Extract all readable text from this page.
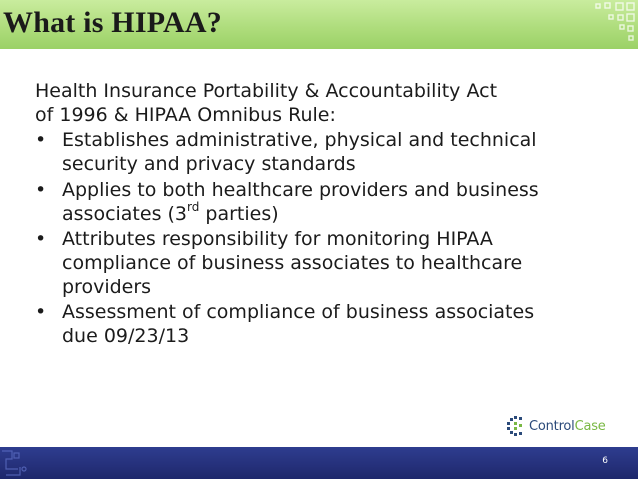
What is HIPAA?
Health Insurance Portability & Accountability Act
of 1996 & HIPAA Omnibus Rule:
• Establishes administrative, physical and technical
security and privacy standards
• Applies to both healthcare providers and business
associates (3rd parties)
• Attributes responsibility for monitoring HIPAA
compliance of business associates to healthcare
providers
• Assessment of compliance of business associates
due 09/23/13
Control Case
6
